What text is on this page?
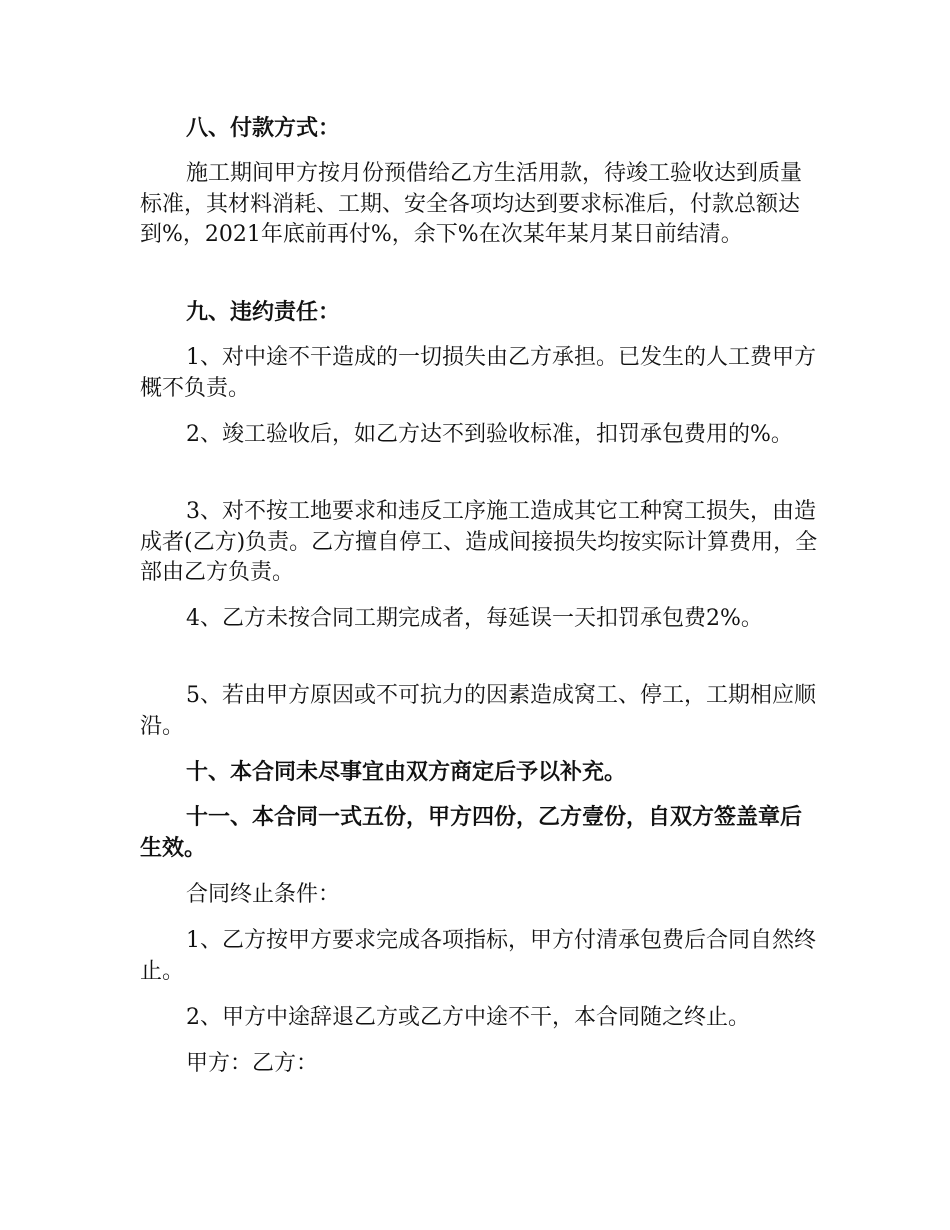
八、付款方式：

施工期间甲方按月份预借给乙方生活用款，待竣工验收达到质量标准，其材料消耗、工期、安全各项均达到要求标准后，付款总额达到%，2021年底前再付%，余下%在次某年某月某日前结清。

九、违约责任：

1、对中途不干造成的一切损失由乙方承担。已发生的人工费甲方概不负责。

2、竣工验收后，如乙方达不到验收标准，扣罚承包费用的%。

3、对不按工地要求和违反工序施工造成其它工种窝工损失，由造成者(乙方)负责。乙方擅自停工、造成间接损失均按实际计算费用，全部由乙方负责。

4、乙方未按合同工期完成者，每延误一天扣罚承包费2%。

5、若由甲方原因或不可抗力的因素造成窝工、停工，工期相应顺沿。

十、本合同未尽事宜由双方商定后予以补充。

十一、本合同一式五份，甲方四份，乙方壹份，自双方签盖章后生效。

合同终止条件：

1、乙方按甲方要求完成各项指标，甲方付清承包费后合同自然终止。

2、甲方中途辞退乙方或乙方中途不干，本合同随之终止。

甲方：乙方：
